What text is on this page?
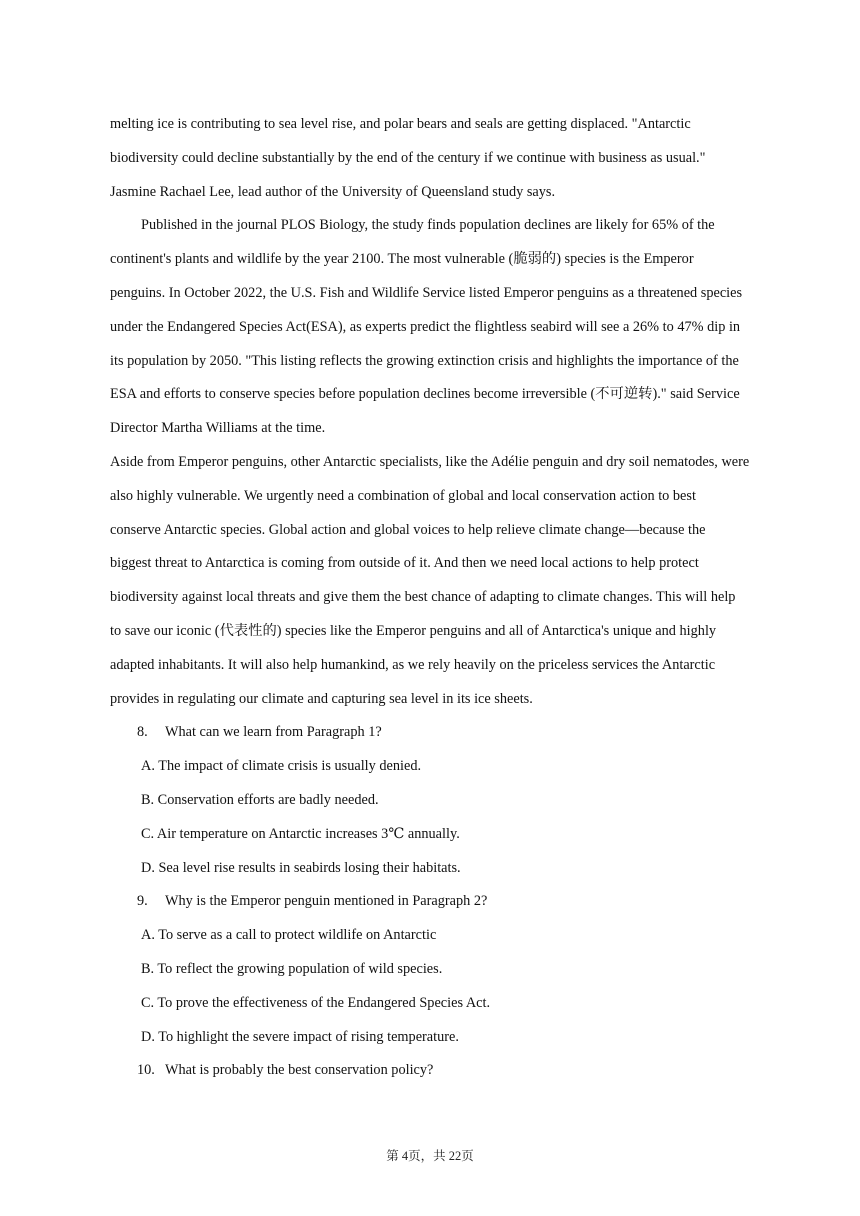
melting ice is contributing to sea level rise, and polar bears and seals are getting displaced. "Antarctic biodiversity could decline substantially by the end of the century if we continue with business as usual." Jasmine Rachael Lee, lead author of the University of Queensland study says.

Published in the journal PLOS Biology, the study finds population declines are likely for 65% of the continent's plants and wildlife by the year 2100. The most vulnerable (脆弱的) species is the Emperor penguins. In October 2022, the U.S. Fish and Wildlife Service listed Emperor penguins as a threatened species under the Endangered Species Act(ESA), as experts predict the flightless seabird will see a 26% to 47% dip in its population by 2050. "This listing reflects the growing extinction crisis and highlights the importance of the ESA and efforts to conserve species before population declines become irreversible (不可逆转)." said Service Director Martha Williams at the time.

Aside from Emperor penguins, other Antarctic specialists, like the Adélie penguin and dry soil nematodes, were also highly vulnerable. We urgently need a combination of global and local conservation action to best conserve Antarctic species. Global action and global voices to help relieve climate change—because the biggest threat to Antarctica is coming from outside of it. And then we need local actions to help protect biodiversity against local threats and give them the best chance of adapting to climate changes. This will help to save our iconic (代表性的) species like the Emperor penguins and all of Antarctica's unique and highly adapted inhabitants. It will also help humankind, as we rely heavily on the priceless services the Antarctic provides in regulating our climate and capturing sea level in its ice sheets.

8. What can we learn from Paragraph 1?

A. The impact of climate crisis is usually denied.

B. Conservation efforts are badly needed.

C. Air temperature on Antarctic increases 3℃ annually.

D. Sea level rise results in seabirds losing their habitats.

9. Why is the Emperor penguin mentioned in Paragraph 2?

A. To serve as a call to protect wildlife on Antarctic

B. To reflect the growing population of wild species.

C. To prove the effectiveness of the Endangered Species Act.

D. To highlight the severe impact of rising temperature.

10. What is probably the best conservation policy?

第 4页，共 22页
